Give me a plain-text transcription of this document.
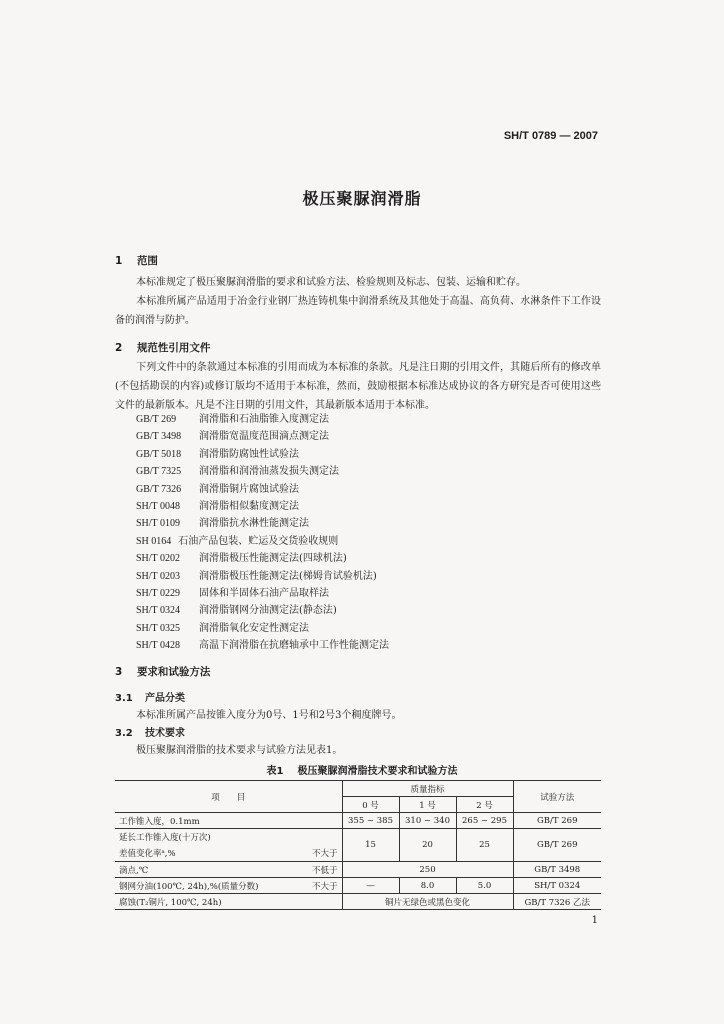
SH/T 0789 — 2007
极压聚脲润滑脂
1 范围
本标准规定了极压聚脲润滑脂的要求和试验方法、检验规则及标志、包装、运输和贮存。
本标准所属产品适用于冶金行业钢厂热连铸机集中润滑系统及其他处于高温、高负荷、水淋条件下工作设备的润滑与防护。
2 规范性引用文件
下列文件中的条款通过本标准的引用而成为本标准的条款。凡是注日期的引用文件，其随后所有的修改单(不包括勘误的内容)或修订版均不适用于本标准，然而，鼓励根据本标准达成协议的各方研究是否可使用这些文件的最新版本。凡是不注日期的引用文件，其最新版本适用于本标准。
GB/T 269 润滑脂和石油脂锥入度测定法
GB/T 3498 润滑脂宽温度范围滴点测定法
GB/T 5018 润滑脂防腐蚀性试验法
GB/T 7325 润滑脂和润滑油蒸发损失测定法
GB/T 7326 润滑脂铜片腐蚀试验法
SH/T 0048 润滑脂相似黏度测定法
SH/T 0109 润滑脂抗水淋性能测定法
SH 0164 石油产品包装、贮运及交货验收规则
SH/T 0202 润滑脂极压性能测定法(四球机法)
SH/T 0203 润滑脂极压性能测定法(梯姆肯试验机法)
SH/T 0229 固体和半固体石油产品取样法
SH/T 0324 润滑脂钢网分油测定法(静态法)
SH/T 0325 润滑脂氧化安定性测定法
SH/T 0428 高温下润滑脂在抗磨轴承中工作性能测定法
3 要求和试验方法
3.1 产品分类
本标准所属产品按锥入度分为0号、1号和2号3个稠度牌号。
3.2 技术要求
极压聚脲润滑脂的技术要求与试验方法见表1。
表1 极压聚脲润滑脂技术要求和试验方法
项　　目	质量指标			试验方法
	0 号	1 号	2 号	
工作锥入度，0.1mm	355 ~ 385	310 ~ 340	265 ~ 295	GB/T 269

延长工作锥入度(十万次)
差值变化率ᵃ,% 不大于	15	20	25	GB/T 269

滴点,℃ 不低于	250			GB/T 3498

钢网分油(100℃, 24h),%(质量分数) 不大于	—	8.0	5.0	SH/T 0324
腐蚀(T₂铜片, 100℃, 24h)	铜片无绿色或黑色变化			GB/T 7326 乙法
1
